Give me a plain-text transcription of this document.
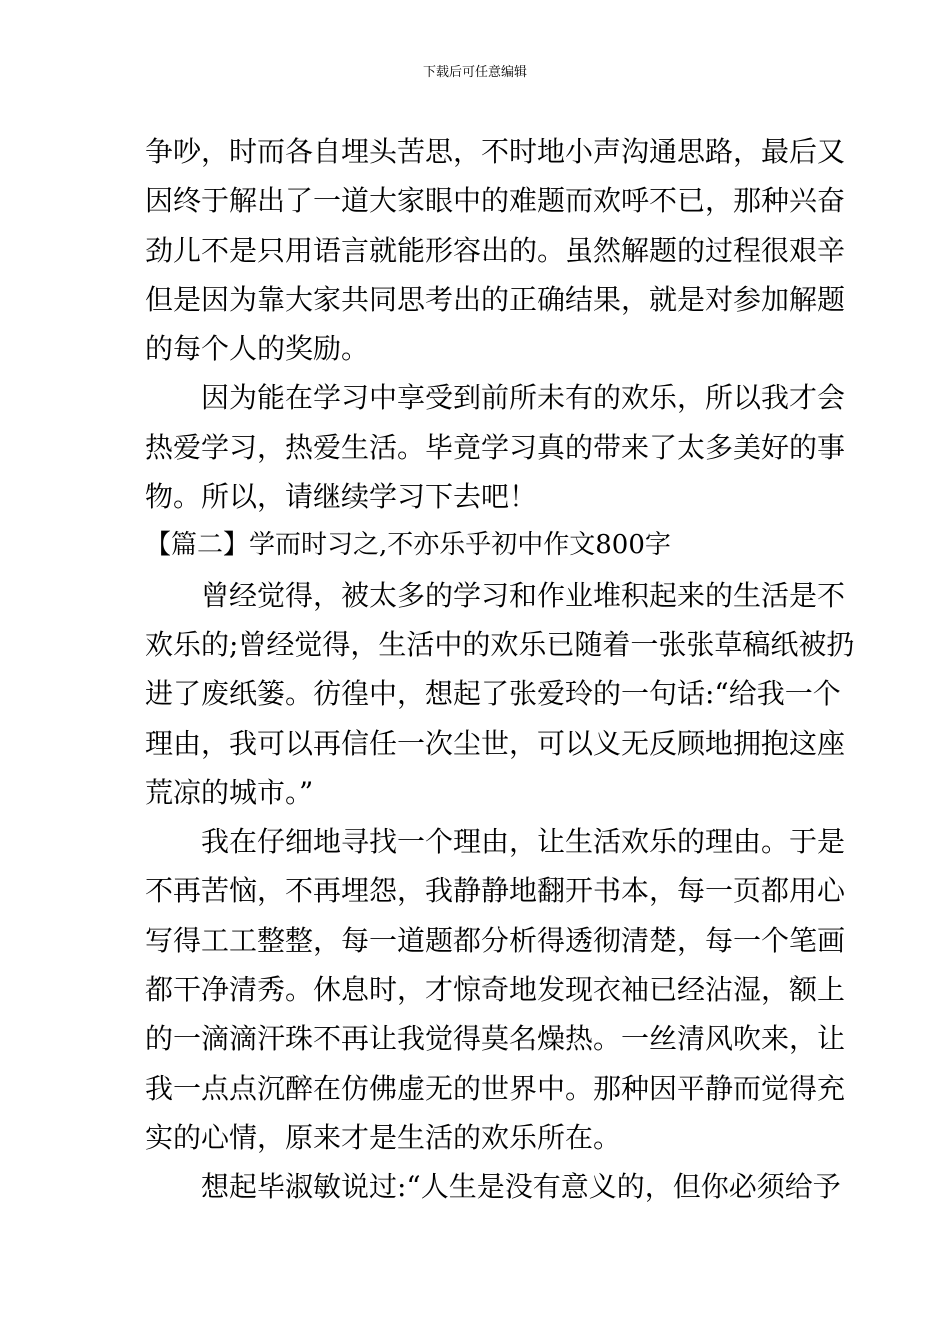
下载后可任意编辑
争吵，时而各自埋头苦思，不时地小声沟通思路，最后又
因终于解出了一道大家眼中的难题而欢呼不已，那种兴奋
劲儿不是只用语言就能形容出的。虽然解题的过程很艰辛
但是因为靠大家共同思考出的正确结果，就是对参加解题
的每个人的奖励。
因为能在学习中享受到前所未有的欢乐，所以我才会
热爱学习，热爱生活。毕竟学习真的带来了太多美好的事
物。所以，请继续学习下去吧！
【篇二】学而时习之,不亦乐乎初中作文800字
曾经觉得，被太多的学习和作业堆积起来的生活是不
欢乐的;曾经觉得，生活中的欢乐已随着一张张草稿纸被扔
进了废纸篓。彷徨中，想起了张爱玲的一句话:“给我一个
理由，我可以再信任一次尘世，可以义无反顾地拥抱这座
荒凉的城市。”
我在仔细地寻找一个理由，让生活欢乐的理由。于是
不再苦恼，不再埋怨，我静静地翻开书本，每一页都用心
写得工工整整，每一道题都分析得透彻清楚，每一个笔画
都干净清秀。休息时，才惊奇地发现衣袖已经沾湿，额上
的一滴滴汗珠不再让我觉得莫名燥热。一丝清风吹来，让
我一点点沉醉在仿佛虚无的世界中。那种因平静而觉得充
实的心情，原来才是生活的欢乐所在。
想起毕淑敏说过:“人生是没有意义的，但你必须给予
